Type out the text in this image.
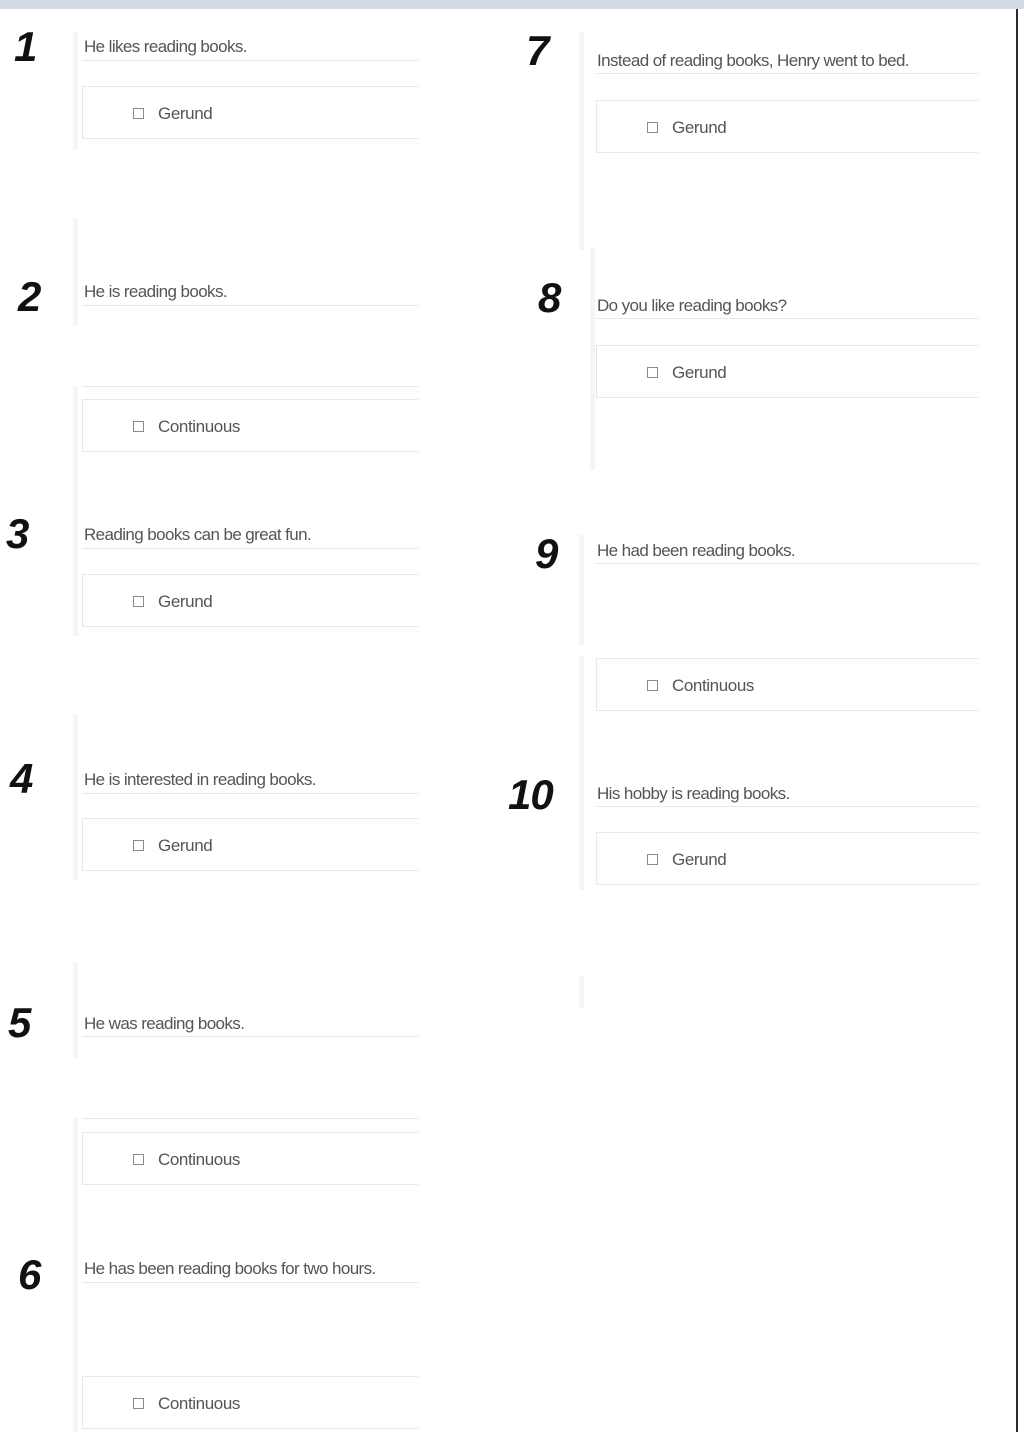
1	He likes reading books.
Gerund
2	He is reading books.
Continuous
3	Reading books can be great fun.
Gerund
4	He is interested in reading books.
Gerund
5	He was reading books.
Continuous
6	He has been reading books for two hours.
Continuous
7	Instead of reading books, Henry went to bed.
Gerund
8 Do you like reading books?
Gerund
9 He had been reading books.
Continuous
10	His hobby is reading books.
Gerund
